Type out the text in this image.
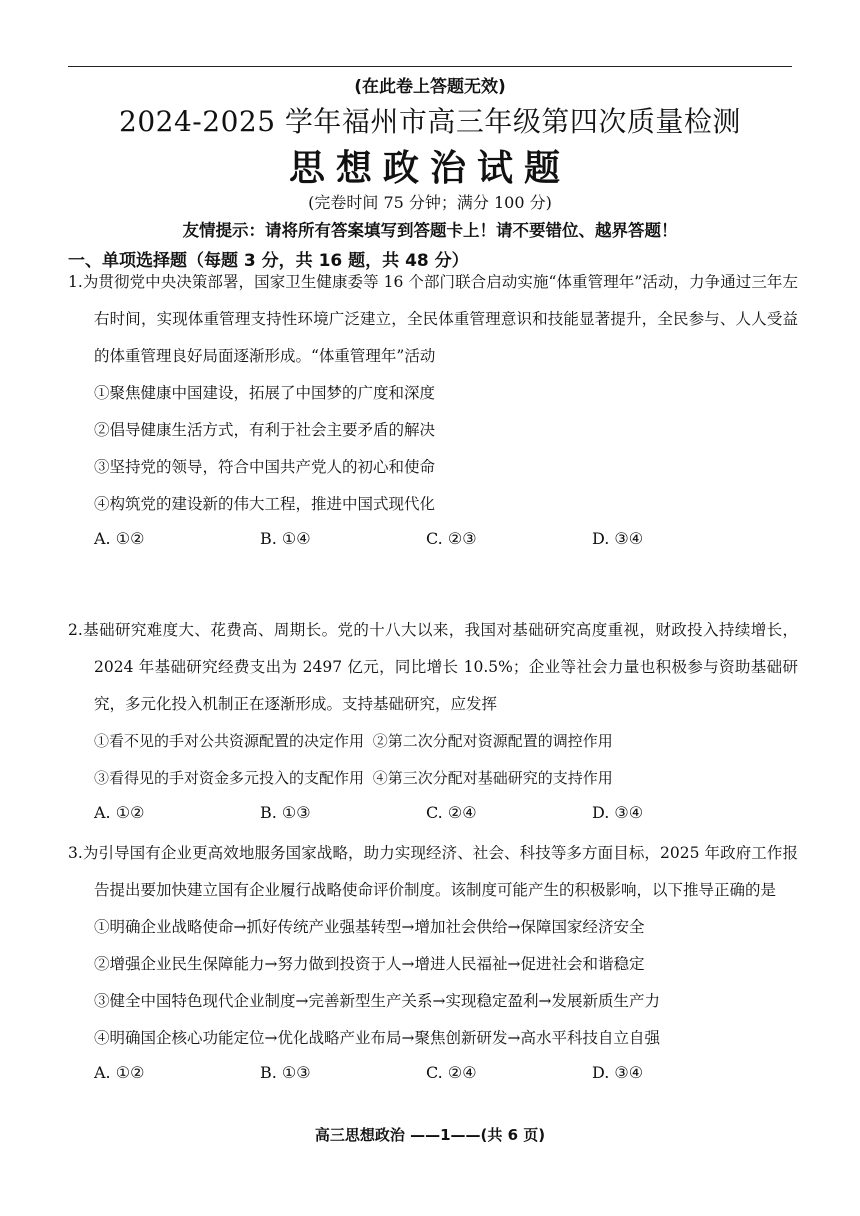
(在此卷上答题无效)
2024-2025 学年福州市高三年级第四次质量检测
思想政治试题
(完卷时间 75 分钟；满分 100 分)
友情提示：请将所有答案填写到答题卡上！请不要错位、越界答题！
一、单项选择题（每题 3 分，共 16 题，共 48 分）

1.为贯彻党中央决策部署，国家卫生健康委等 16 个部门联合启动实施“体重管理年”活动，力争通过三年左右时间，实现体重管理支持性环境广泛建立，全民体重管理意识和技能显著提升，全民参与、人人受益的体重管理良好局面逐渐形成。“体重管理年”活动

①聚焦健康中国建设，拓展了中国梦的广度和深度

②倡导健康生活方式，有利于社会主要矛盾的解决

③坚持党的领导，符合中国共产党人的初心和使命

④构筑党的建设新的伟大工程，推进中国式现代化

A. ①②	B. ①④	C. ②③	D. ③④

2.基础研究难度大、花费高、周期长。党的十八大以来，我国对基础研究高度重视，财政投入持续增长，2024 年基础研究经费支出为 2497 亿元，同比增长 10.5%；企业等社会力量也积极参与资助基础研究，多元化投入机制正在逐渐形成。支持基础研究，应发挥

①看不见的手对公共资源配置的决定作用 ②第二次分配对资源配置的调控作用

③看得见的手对资金多元投入的支配作用 ④第三次分配对基础研究的支持作用

A. ①②	B. ①③	C. ②④	D. ③④

3.为引导国有企业更高效地服务国家战略，助力实现经济、社会、科技等多方面目标，2025 年政府工作报告提出要加快建立国有企业履行战略使命评价制度。该制度可能产生的积极影响，以下推导正确的是

①明确企业战略使命→抓好传统产业强基转型→增加社会供给→保障国家经济安全

②增强企业民生保障能力→努力做到投资于人→增进人民福祉→促进社会和谐稳定

③健全中国特色现代企业制度→完善新型生产关系→实现稳定盈利→发展新质生产力

④明确国企核心功能定位→优化战略产业布局→聚焦创新研发→高水平科技自立自强

A. ①②	B. ①③	C. ②④	D. ③④
高三思想政治 ——1——(共 6 页)
